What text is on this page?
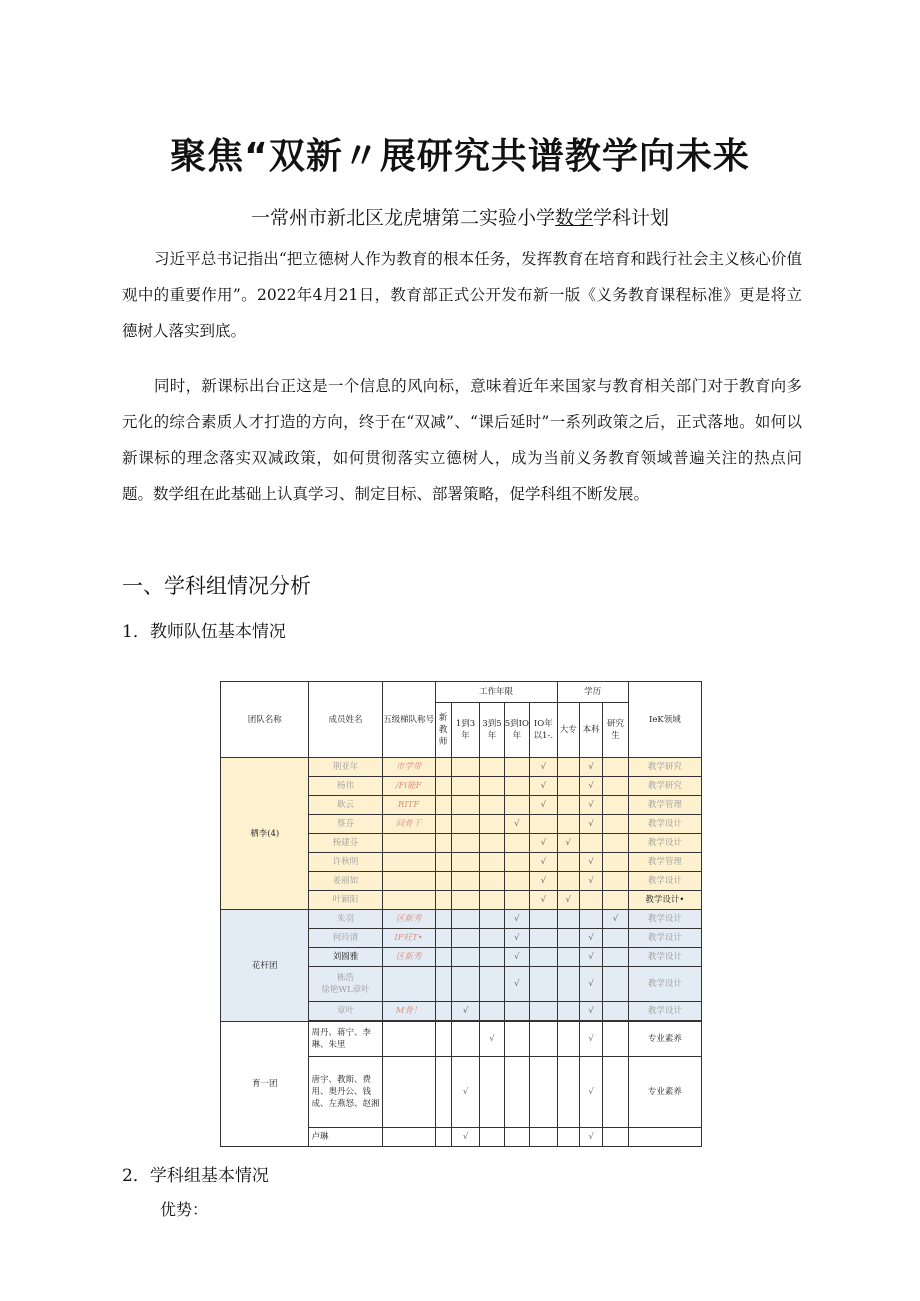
聚焦“双新〃展研究共谱教学向未来
一常州市新北区龙虎塘第二实验小学数学学科计划
习近平总书记指出“把立德树人作为教育的根本任务，发挥教育在培育和践行社会主义核心价值观中的重要作用”。2022年4月21日，教育部正式公开发布新一版《义务教育课程标准》更是将立德树人落实到底。
同时，新课标出台正这是一个信息的风向标，意味着近年来国家与教育相关部门对于教育向多元化的综合素质人才打造的方向，终于在“双减”、“课后延时”一系列政策之后，正式落地。如何以新课标的理念落实双减政策，如何贯彻落实立德树人，成为当前义务教育领域普遍关注的热点问题。数学组在此基础上认真学习、制定目标、部署策略，促学科组不断发展。
一、学科组情况分析
1．教师队伍基本情况
团队名称	成员姓名	五级梯队称号	工作年限					学历			IeK领域
			新教师	1到3年	3到5年	5到IO年	IO年以1-.	大专	本科	研究生	
栖李(4)	荆亚年	市学带					√		√		教学研究
	杨伟	/Fi能F					√		√		教学研究
	耿云	RITF					√		√		教学管理
	蔡芬	同骨干				√			√		教学设计
	杨建芬						√	√			教学设计
	许秋明						√		√		教学管理
	姜丽如						√		√		教学设计
	叶颖阳						√	√			教学设计•
花杆团	朱羽	区新秀				√				√	教学设计
	何玲清	IF旺T•				√			√		教学设计
	刘圆雅	区新秀				√			√		教学设计
	栋浩
徐艳WL章叶					√			√		教学设计
	章叶	M骨！		√					√		教学设计

育一团	周丹、蒋宁、李琳、朱里				√				√		专业素养
	唐宇、教斯、费用、奥丹公、钱成、左燕怒、赵湘			√					√		专业素养
	卢琳			√					√		
2．学科组基本情况
优势：
